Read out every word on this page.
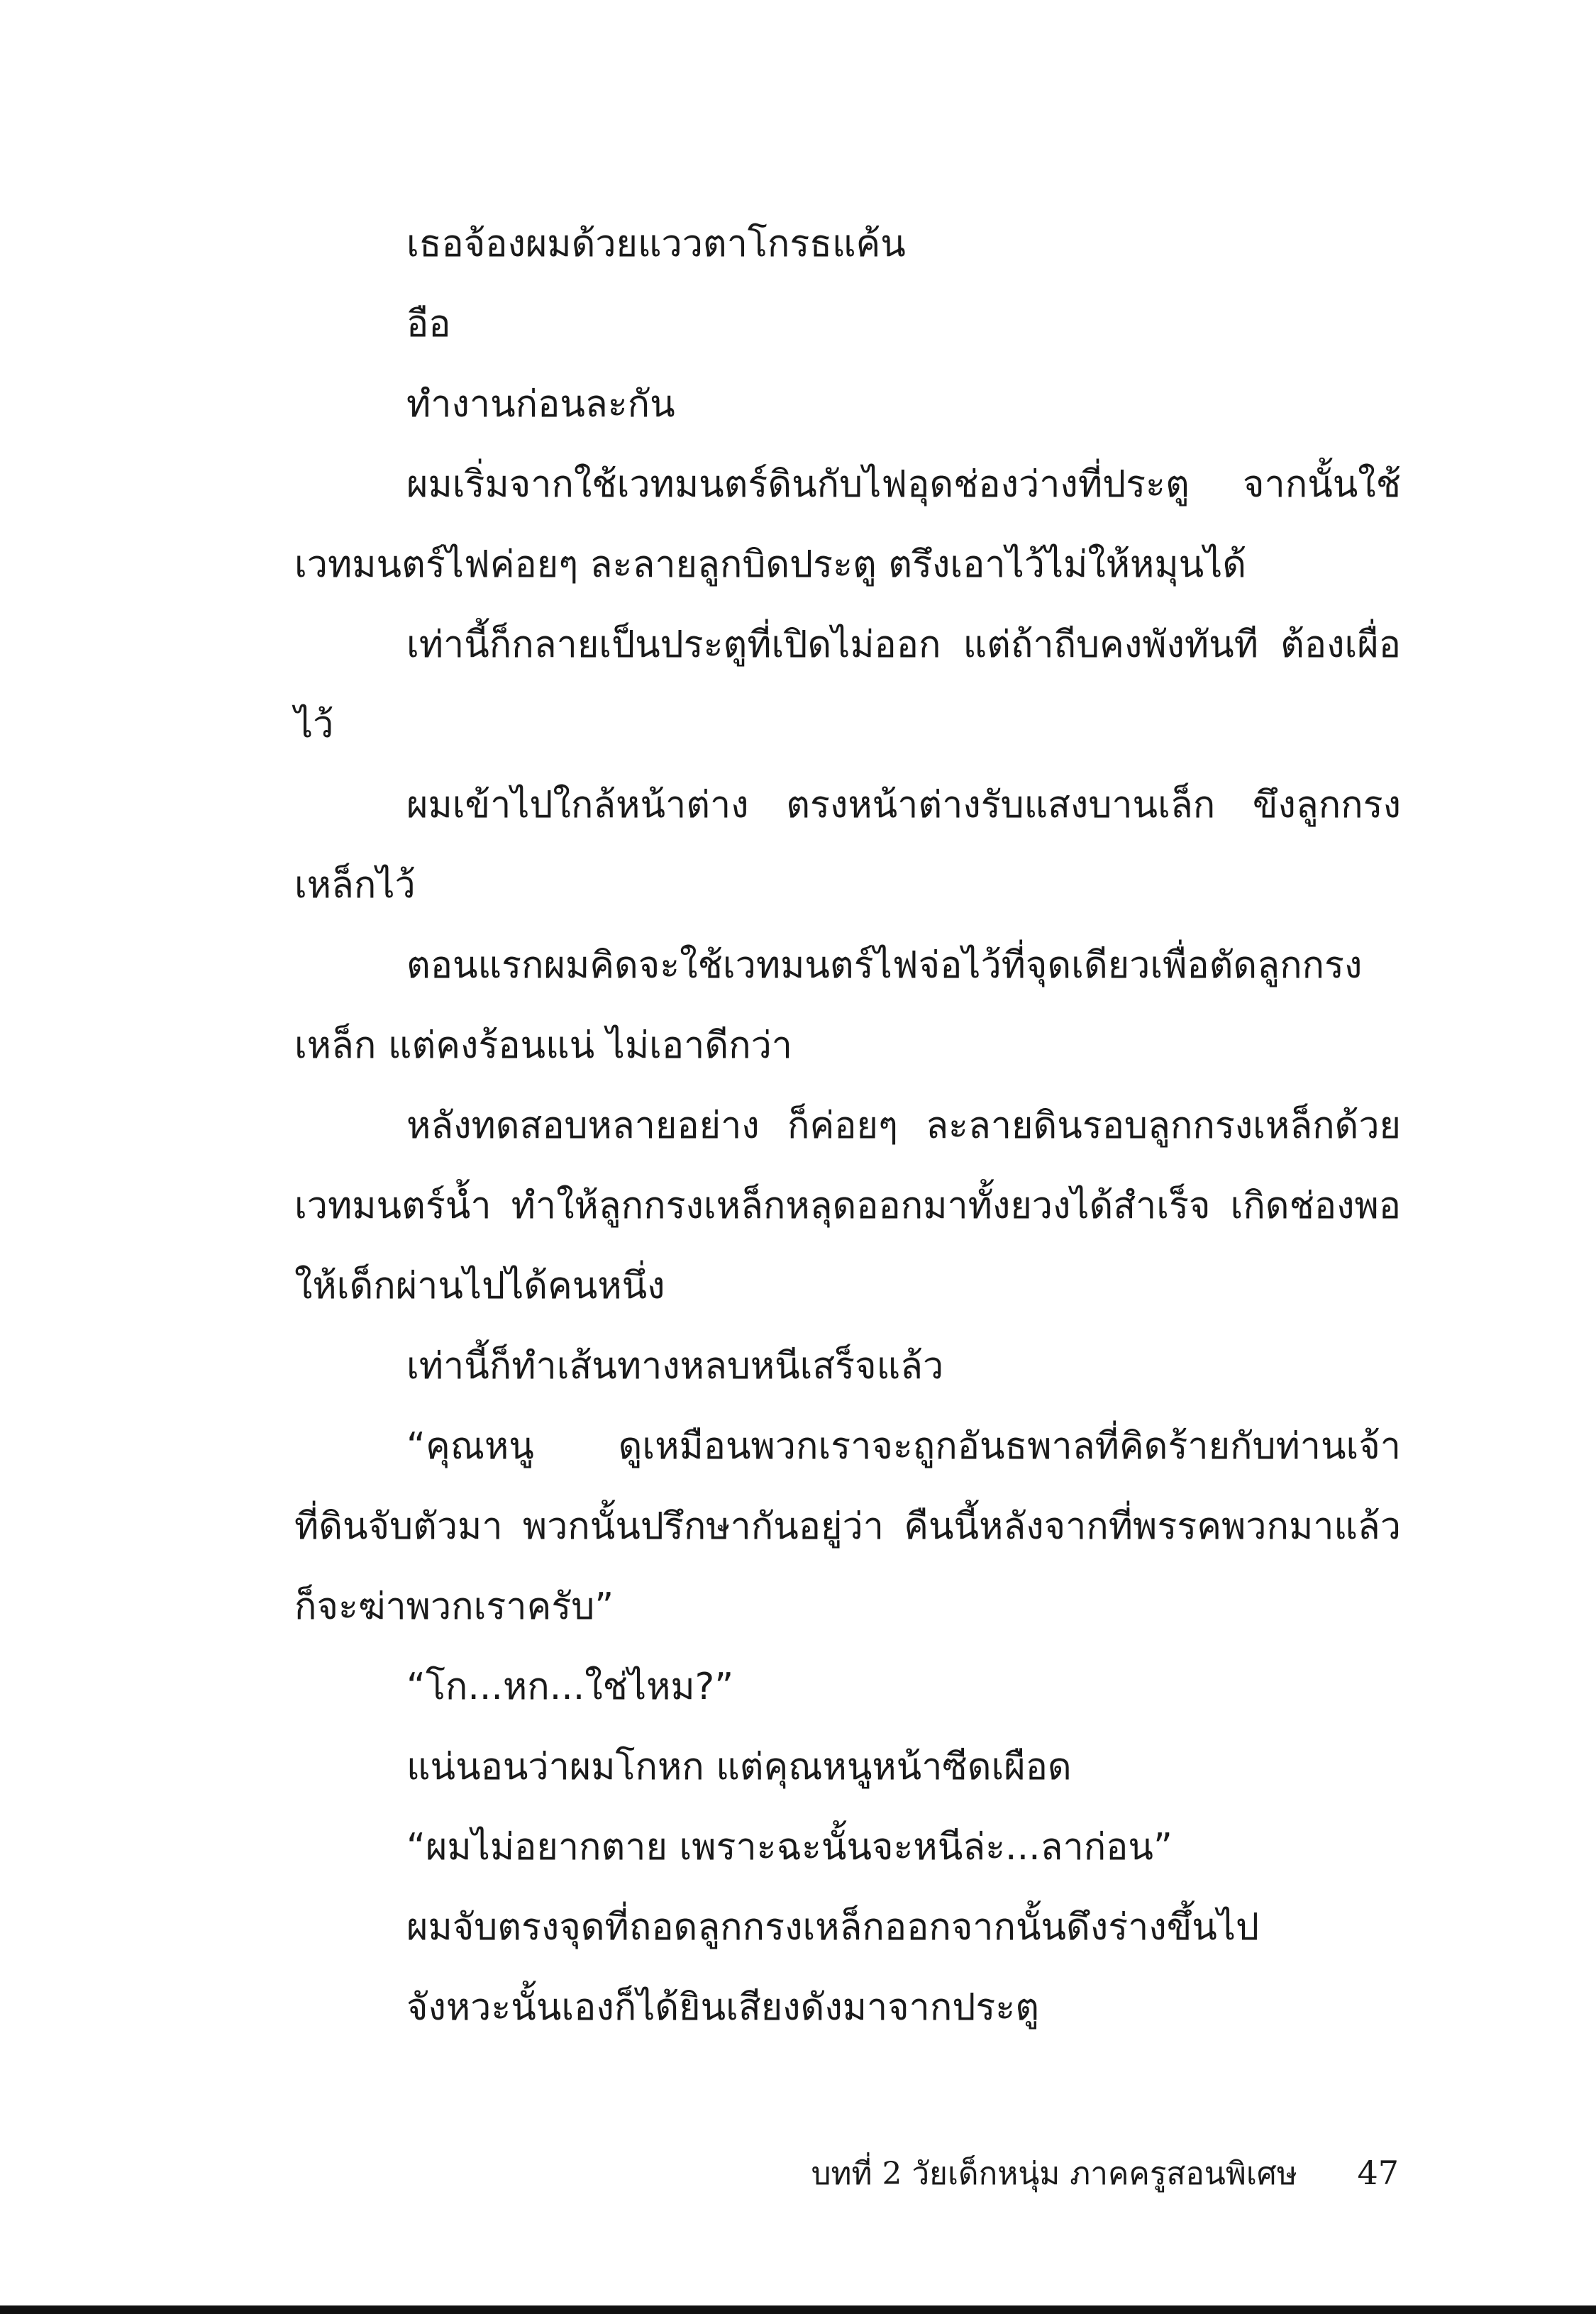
เธอจ้องผมด้วยแววตาโกรธแค้น

อือ

ทำงานก่อนละกัน

ผมเริ่มจากใช้เวทมนตร์ดินกับไฟอุดช่องว่างที่ประตู จากนั้นใช้เวทมนตร์ไฟค่อยๆ ละลายลูกบิดประตู ตรึงเอาไว้ไม่ให้หมุนได้

เท่านี้ก็กลายเป็นประตูที่เปิดไม่ออก แต่ถ้าถีบคงพังทันที ต้องเผื่อไว้

ผมเข้าไปใกล้หน้าต่าง ตรงหน้าต่างรับแสงบานเล็ก ขึงลูกกรงเหล็กไว้

ตอนแรกผมคิดจะใช้เวทมนตร์ไฟจ่อไว้ที่จุดเดียวเพื่อตัดลูกกรงเหล็ก แต่คงร้อนแน่ ไม่เอาดีกว่า

หลังทดสอบหลายอย่าง ก็ค่อยๆ ละลายดินรอบลูกกรงเหล็กด้วยเวทมนตร์น้ำ ทำให้ลูกกรงเหล็กหลุดออกมาทั้งยวงได้สำเร็จ เกิดช่องพอให้เด็กผ่านไปได้คนหนึ่ง

เท่านี้ก็ทำเส้นทางหลบหนีเสร็จแล้ว

“คุณหนู ดูเหมือนพวกเราจะถูกอันธพาลที่คิดร้ายกับท่านเจ้าที่ดินจับตัวมา พวกนั้นปรึกษากันอยู่ว่า คืนนี้หลังจากที่พรรคพวกมาแล้วก็จะฆ่าพวกเราครับ”

“โก...หก...ใช่ไหม?”

แน่นอนว่าผมโกหก แต่คุณหนูหน้าซีดเผือด

“ผมไม่อยากตาย เพราะฉะนั้นจะหนีล่ะ...ลาก่อน”

ผมจับตรงจุดที่ถอดลูกกรงเหล็กออกจากนั้นดึงร่างขึ้นไป

จังหวะนั้นเองก็ได้ยินเสียงดังมาจากประตู

บทที่ 2 วัยเด็กหนุ่ม ภาคครูสอนพิเศษ 47
